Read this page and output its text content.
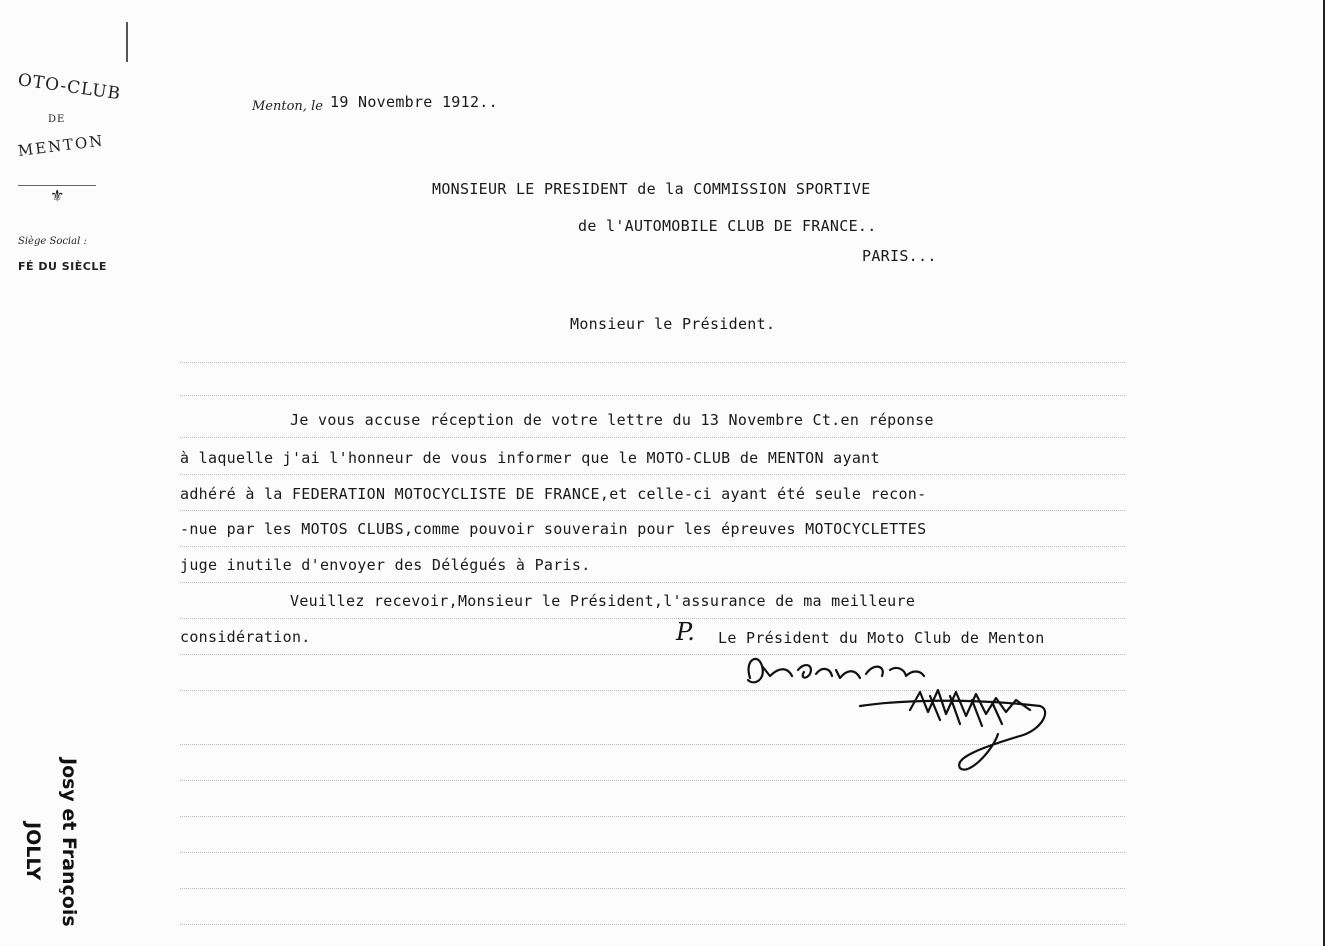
OTO-CLUB
DE
MENTON
⚜
Siège Social :
FÉ DU SIÈCLE
Menton, le 19 Novembre 1912..
MONSIEUR LE PRESIDENT de la COMMISSION SPORTIVE
de l'AUTOMOBILE CLUB DE FRANCE..
PARIS...
Monsieur le Président.
Je vous accuse réception de votre lettre du 13 Novembre Ct.en réponse
à laquelle j'ai l'honneur de vous informer que le MOTO-CLUB de MENTON ayant
adhéré à la FEDERATION MOTOCYCLISTE DE FRANCE,et celle-ci ayant été seule recon-
-nue par les MOTOS CLUBS,comme pouvoir souverain pour les épreuves MOTOCYCLETTES
juge inutile d'envoyer des Délégués à Paris.
Veuillez recevoir,Monsieur le Président,l'assurance de ma meilleure
considération.	P. Le Président du Moto Club de Menton
Josy et François
JOLLY
